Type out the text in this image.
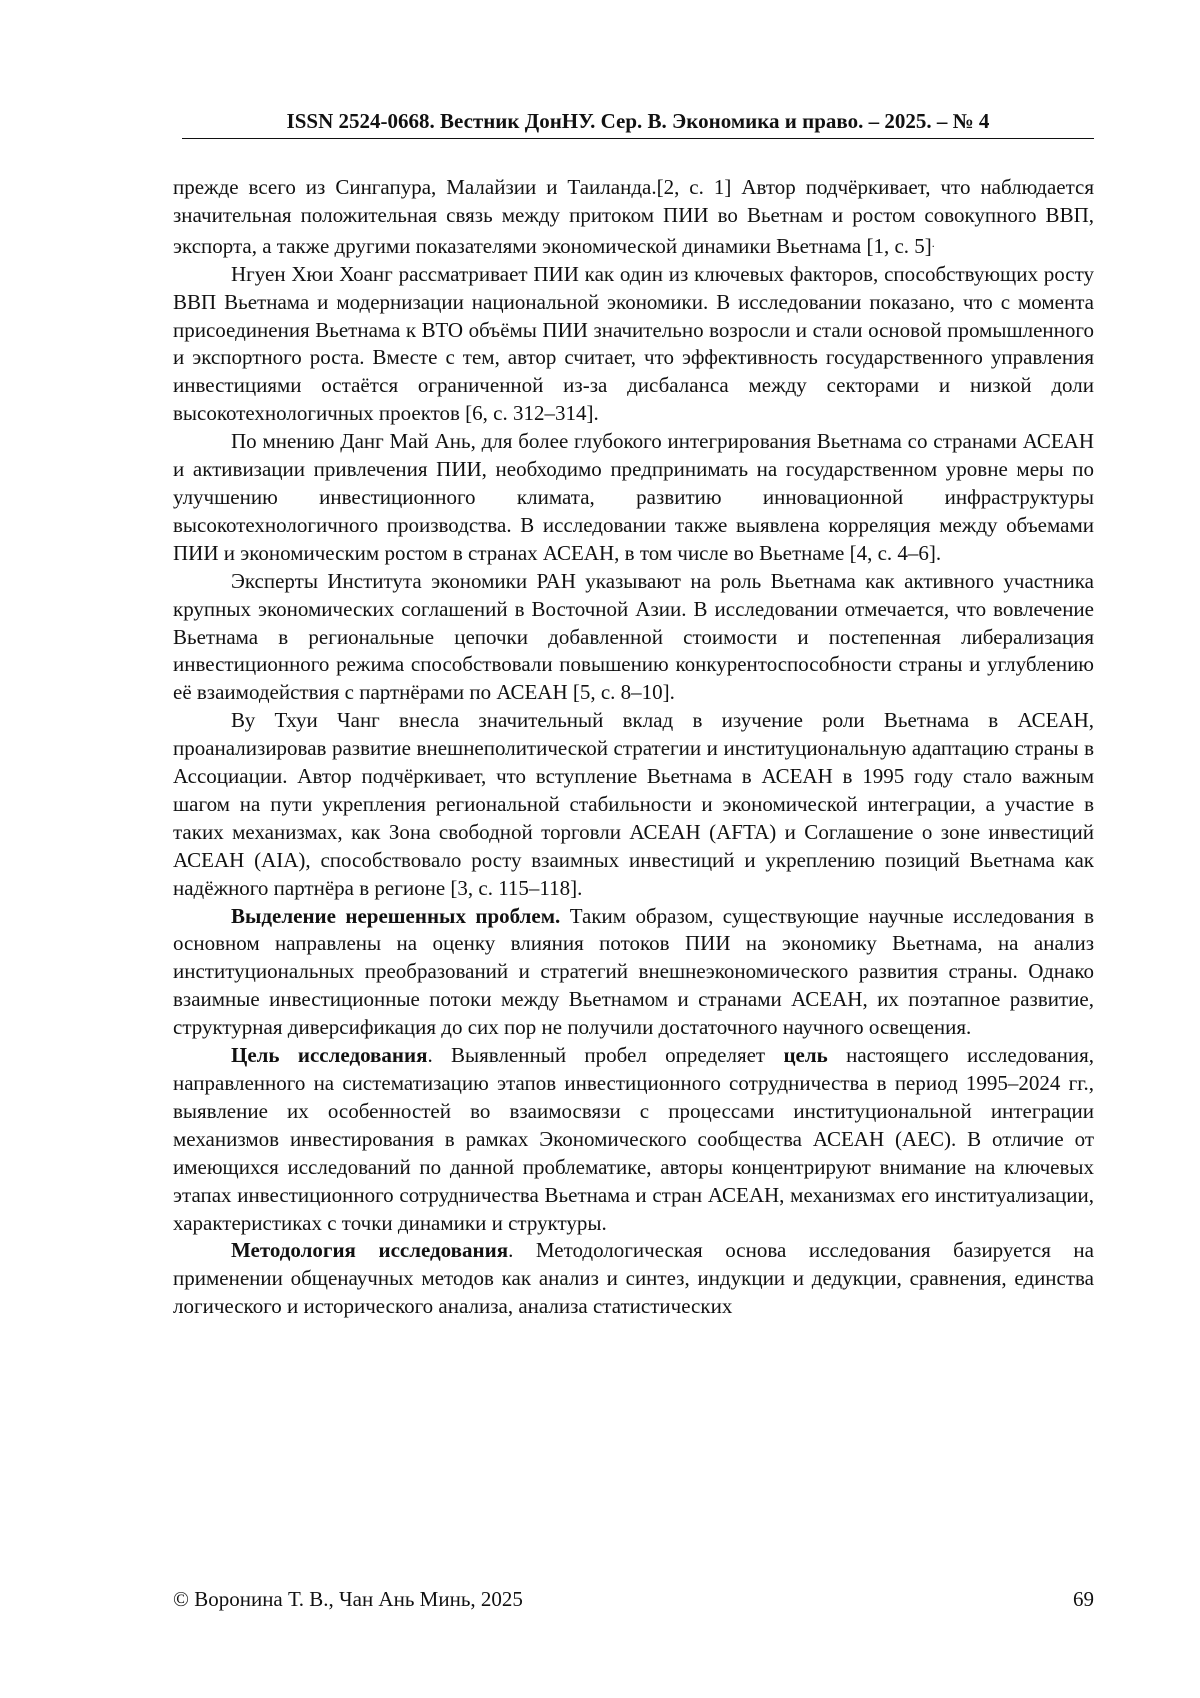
ISSN 2524-0668. Вестник ДонНУ. Сер. В. Экономика и право. – 2025. – № 4

прежде всего из Сингапура, Малайзии и Таиланда.[2, с. 1] Автор подчёркивает, что наблюдается значительная положительная связь между притоком ПИИ во Вьетнам и ростом совокупного ВВП, экспорта, а также другими показателями экономической динамики Вьетнама [1, с. 5].

Нгуен Хюи Хоанг рассматривает ПИИ как один из ключевых факторов, способствующих росту ВВП Вьетнама и модернизации национальной экономики. В исследовании показано, что с момента присоединения Вьетнама к ВТО объёмы ПИИ значительно возросли и стали основой промышленного и экспортного роста. Вместе с тем, автор считает, что эффективность государственного управления инвестициями остаётся ограниченной из-за дисбаланса между секторами и низкой доли высокотехнологичных проектов [6, с. 312–314].

По мнению Данг Май Ань, для более глубокого интегрирования Вьетнама со странами АСЕАН и активизации привлечения ПИИ, необходимо предпринимать на государственном уровне меры по улучшению инвестиционного климата, развитию инновационной инфраструктуры высокотехнологичного производства. В исследовании также выявлена корреляция между объемами ПИИ и экономическим ростом в странах АСЕАН, в том числе во Вьетнаме [4, с. 4–6].

Эксперты Института экономики РАН указывают на роль Вьетнама как активного участника крупных экономических соглашений в Восточной Азии. В исследовании отмечается, что вовлечение Вьетнама в региональные цепочки добавленной стоимости и постепенная либерализация инвестиционного режима способствовали повышению конкурентоспособности страны и углублению её взаимодействия с партнёрами по АСЕАН [5, с. 8–10].

Ву Тхуи Чанг внесла значительный вклад в изучение роли Вьетнама в АСЕАН, проанализировав развитие внешнеполитической стратегии и институциональную адаптацию страны в Ассоциации. Автор подчёркивает, что вступление Вьетнама в АСЕАН в 1995 году стало важным шагом на пути укрепления региональной стабильности и экономической интеграции, а участие в таких механизмах, как Зона свободной торговли АСЕАН (AFTA) и Соглашение о зоне инвестиций АСЕАН (AIA), способствовало росту взаимных инвестиций и укреплению позиций Вьетнама как надёжного партнёра в регионе [3, с. 115–118].

Выделение нерешенных проблем. Таким образом, существующие научные исследования в основном направлены на оценку влияния потоков ПИИ на экономику Вьетнама, на анализ институциональных преобразований и стратегий внешнеэкономического развития страны. Однако взаимные инвестиционные потоки между Вьетнамом и странами АСЕАН, их поэтапное развитие, структурная диверсификация до сих пор не получили достаточного научного освещения.

Цель исследования. Выявленный пробел определяет цель настоящего исследования, направленного на систематизацию этапов инвестиционного сотрудничества в период 1995–2024 гг., выявление их особенностей во взаимосвязи с процессами институциональной интеграции механизмов инвестирования в рамках Экономического сообщества АСЕАН (АЕС). В отличие от имеющихся исследований по данной проблематике, авторы концентрируют внимание на ключевых этапах инвестиционного сотрудничества Вьетнама и стран АСЕАН, механизмах его институализации, характеристиках с точки динамики и структуры.

Методология исследования. Методологическая основа исследования базируется на применении общенаучных методов как анализ и синтез, индукции и дедукции, сравнения, единства логического и исторического анализа, анализа статистических

© Воронина Т. В., Чан Ань Минь, 2025	69
